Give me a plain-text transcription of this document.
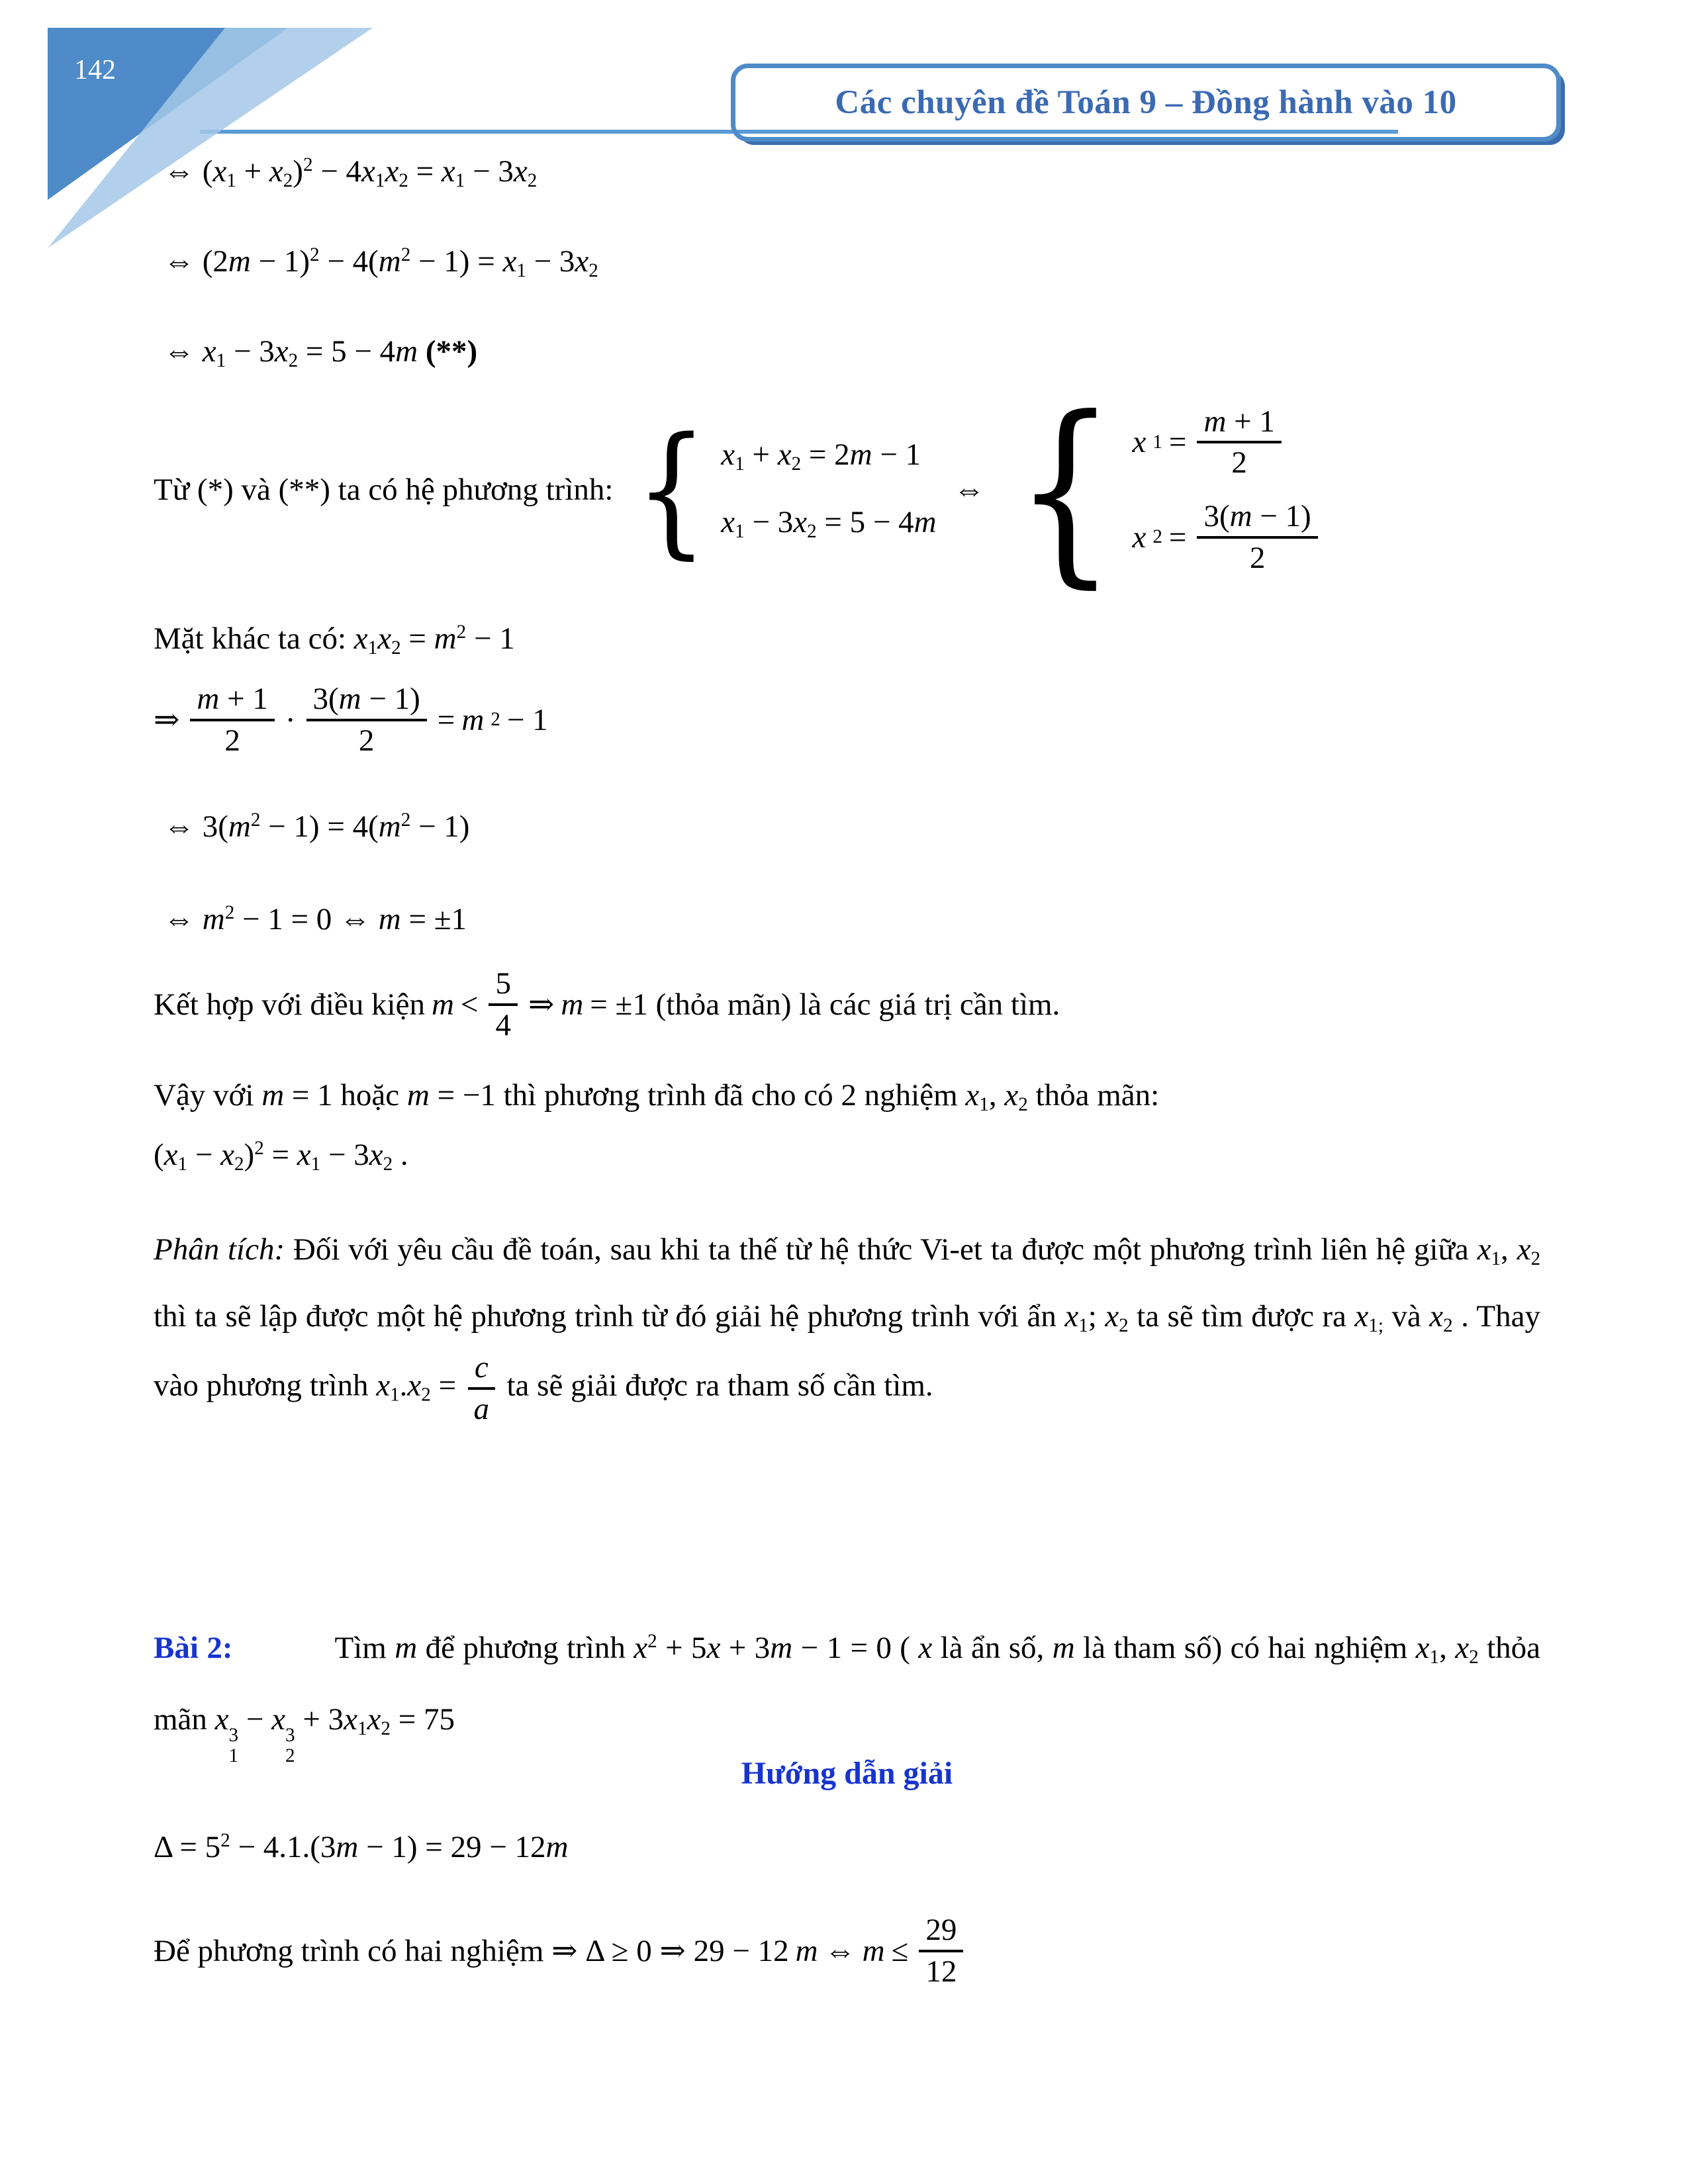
142
Các chuyên đề Toán 9 – Đồng hành vào 10
⇔ $(x_1 + x_2)^2 - 4x_1x_2 = x_1 - 3x_2$
⇔ $(2m - 1)^2 - 4(m^2 - 1) = x_1 - 3x_2$
⇔ $x_1 - 3x_2 = 5 - 4m$ (**)
Từ (*) và (**) ta có hệ phương trình: { $x_1 + x_2 = 2m - 1$
$x_1 - 3x_2 = 5 - 4m$
⇔ { x 1 =
m + 1
2
x 2 =
3(m − 1)
2
Mặt khác ta có: $x_1x_2 = m^2 - 1$
⇒
m + 1
2
·
3(m − 1)
2
= m 2 − 1
⇔ $3(m^2 - 1) = 4(m^2 - 1)$
⇔ $m^2 - 1 = 0$ ⇔ m = ±1
Kết hợp với điều kiện m <
5
4
⇒ m = ±1 (thỏa mãn) là các giá trị cần tìm.
Vậy với m = 1 hoặc m = −1 thì phương trình đã cho có 2 nghiệm $x_1$, $x_2$ thỏa mãn:
$(x_1 - x_2)^2 = x_1 - 3x_2$ .

Phân tích: Đối với yêu cầu đề toán, sau khi ta thế từ hệ thức Vi-et ta được một phương trình liên hệ giữa $x_1$, $x_2$ thì ta sẽ lập được một hệ phương trình từ đó giải hệ phương trình với ẩn $x_1$; $x_2$ ta sẽ tìm được ra $x_{1;}$ và $x_2$ . Thay vào phương trình $x_1.x_2 = \frac{c}{a}$ ta sẽ giải được ra tham số cần tìm.

Bài 2:	Tìm m để phương trình $x^2 + 5x + 3m - 1 = 0$ ( x là ẩn số, m là tham số) có hai nghiệm $x_1$, $x_2$ thỏa mãn x 3
1
− x 3
2
+ $3x_1x_2 = 75$

Hướng dẫn giải
$\Delta = 5^2 - 4.1.(3m - 1) = 29 - 12m$
Để phương trình có hai nghiệm ⇒ Δ ≥ 0 ⇒ 29 − 12 m ⇔ m ≤
29
12
